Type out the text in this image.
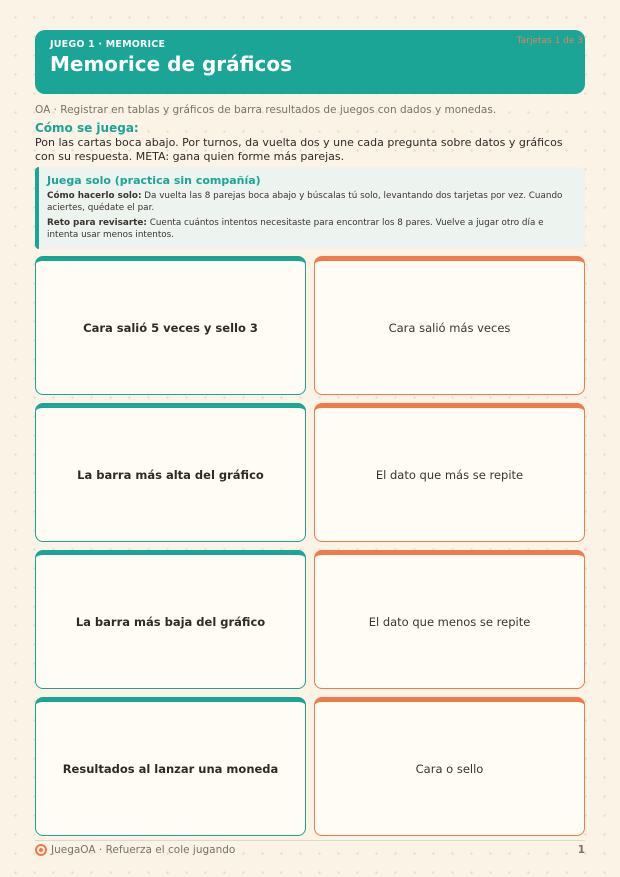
JUEGO 1 · MEMORICE
Memorice de gráficos
Tarjetas 1 de 3
OA · Registrar en tablas y gráficos de barra resultados de juegos con dados y monedas.
Cómo se juega:
Pon las cartas boca abajo. Por turnos, da vuelta dos y une cada pregunta sobre datos y gráficos con su respuesta. META: gana quien forme más parejas.
Juega solo (practica sin compañía)

Cómo hacerlo solo: Da vuelta las 8 parejas boca abajo y búscalas tú solo, levantando dos tarjetas por vez. Cuando aciertes, quédate el par.

Reto para revisarte: Cuenta cuántos intentos necesitaste para encontrar los 8 pares. Vuelve a jugar otro día e intenta usar menos intentos.

Cara salió 5 veces y sello 3	Cara salió más veces
La barra más alta del gráfico	El dato que más se repite
La barra más baja del gráfico	El dato que menos se repite
Resultados al lanzar una moneda	Cara o sello
JuegaOA · Refuerza el cole jugando	1
